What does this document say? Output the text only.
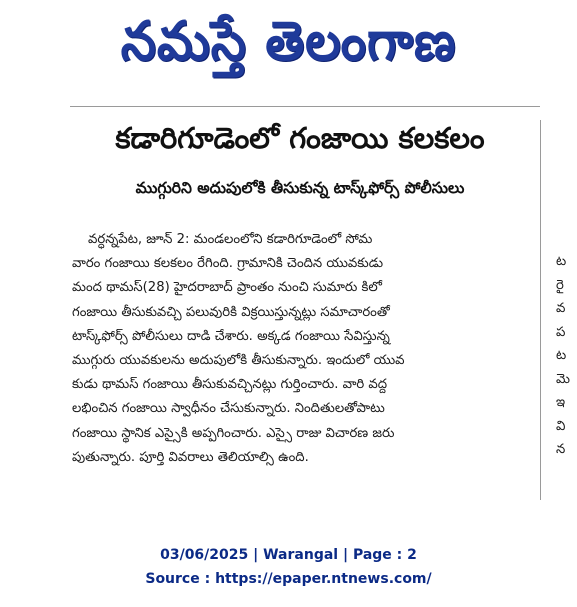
నమస్తే తెలంగాణ
కడారిగూడెంలో గంజాయి కలకలం
ముగ్గురిని అదుపులోకి తీసుకున్న టాస్క్‌ఫోర్స్ పోలీసులు
వర్ధన్నపేట, జూన్ 2: మండలంలోని కడారిగూడెంలో సోమ
వారం గంజాయి కలకలం రేగింది. గ్రామానికి చెందిన యువకుడు
మంద థామస్(28) హైదరాబాద్ ప్రాంతం నుంచి సుమారు కిలో
గంజాయి తీసుకువచ్చి పలువురికి విక్రయిస్తున్నట్లు సమాచారంతో
టాస్క్‌ఫోర్స్ పోలీసులు దాడి చేశారు. అక్కడ గంజాయి సేవిస్తున్న
ముగ్గురు యువకులను అదుపులోకి తీసుకున్నారు. ఇందులో యువ
కుడు థామస్ గంజాయి తీసుకువచ్చినట్లు గుర్తించారు. వారి వద్ద
లభించిన గంజాయి స్వాధీనం చేసుకున్నారు. నిందితులతోపాటు
గంజాయి స్థానిక ఎస్సైకి అప్పగించారు. ఎస్సై రాజు విచారణ జరు
పుతున్నారు. పూర్తి వివరాలు తెలియాల్సి ఉంది.
ట
రై
వ
ప
ట
మె
ఇ
వి
న
03/06/2025 | Warangal | Page : 2
Source : https://epaper.ntnews.com/
